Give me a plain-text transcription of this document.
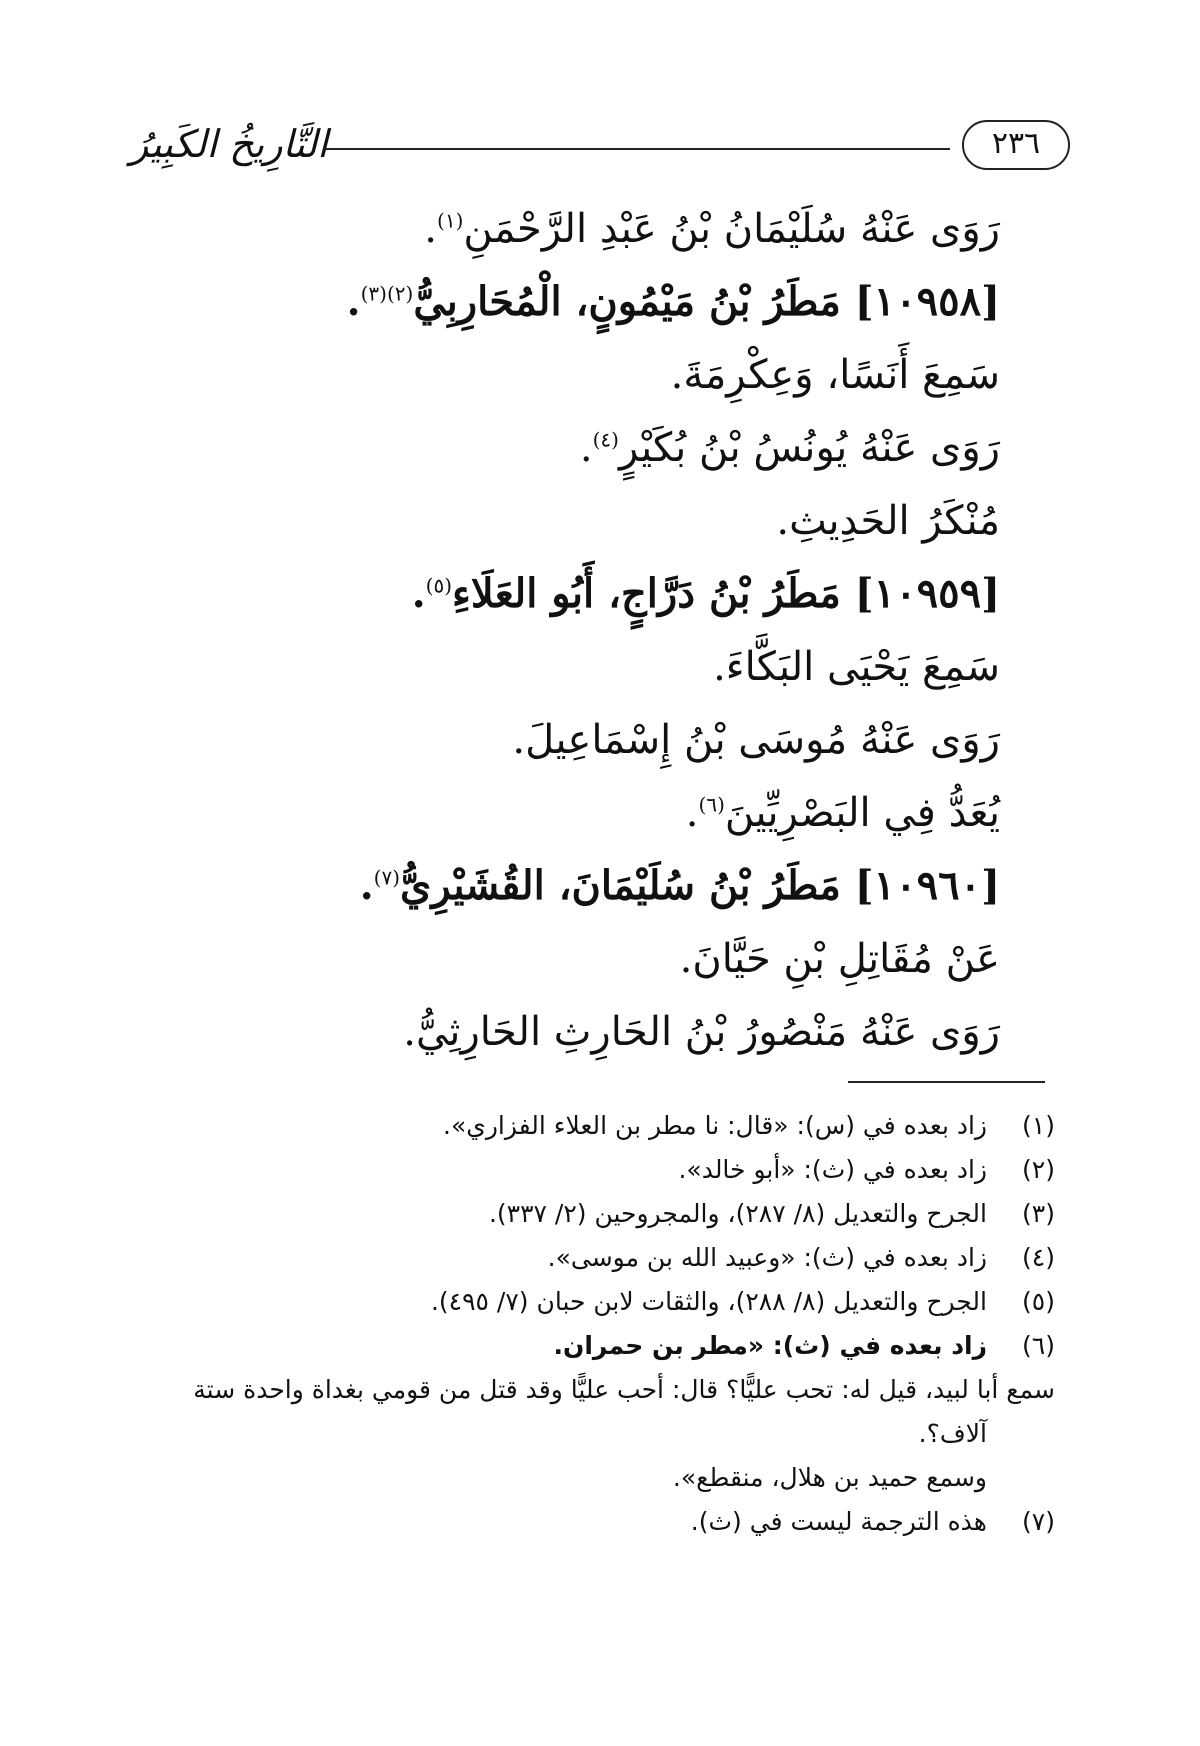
التَّارِيخُ الكَبِيرُ	٢٣٦
رَوَى عَنْهُ سُلَيْمَانُ بْنُ عَبْدِ الرَّحْمَنِ$^{(١)}$.
[١٠٩٥٨] مَطَرُ بْنُ مَيْمُونٍ، الْمُحَارِبِيُّ$^{(٢)(٣)}$.
سَمِعَ أَنَسًا، وَعِكْرِمَةَ.
رَوَى عَنْهُ يُونُسُ بْنُ بُكَيْرٍ$^{(٤)}$.
مُنْكَرُ الحَدِيثِ.
[١٠٩٥٩] مَطَرُ بْنُ دَرَّاجٍ، أَبُو العَلَاءِ$^{(٥)}$.
سَمِعَ يَحْيَى البَكَّاءَ.
رَوَى عَنْهُ مُوسَى بْنُ إِسْمَاعِيلَ.
يُعَدُّ فِي البَصْرِيِّينَ$^{(٦)}$.
[١٠٩٦٠] مَطَرُ بْنُ سُلَيْمَانَ، القُشَيْرِيُّ$^{(٧)}$.
عَنْ مُقَاتِلِ بْنِ حَيَّانَ.
رَوَى عَنْهُ مَنْصُورُ بْنُ الحَارِثِ الحَارِثِيُّ.
(١)
زاد بعده في (س): «قال: نا مطر بن العلاء الفزاري».
(٢)
زاد بعده في (ث): «أبو خالد».
(٣)
الجرح والتعديل (٨/ ٢٨٧)، والمجروحين (٢/ ٣٣٧).
(٤)
زاد بعده في (ث): «وعبيد الله بن موسى».
(٥)
الجرح والتعديل (٨/ ٢٨٨)، والثقات لابن حبان (٧/ ٤٩٥).
(٦)
زاد بعده في (ث): «مطر بن حمران.
سمع أبا لبيد، قيل له: تحب عليًّا؟ قال: أحب عليًّا وقد قتل من قومي بغداة واحدة ستة
آلاف؟.
وسمع حميد بن هلال، منقطع».
(٧)
هذه الترجمة ليست في (ث).
